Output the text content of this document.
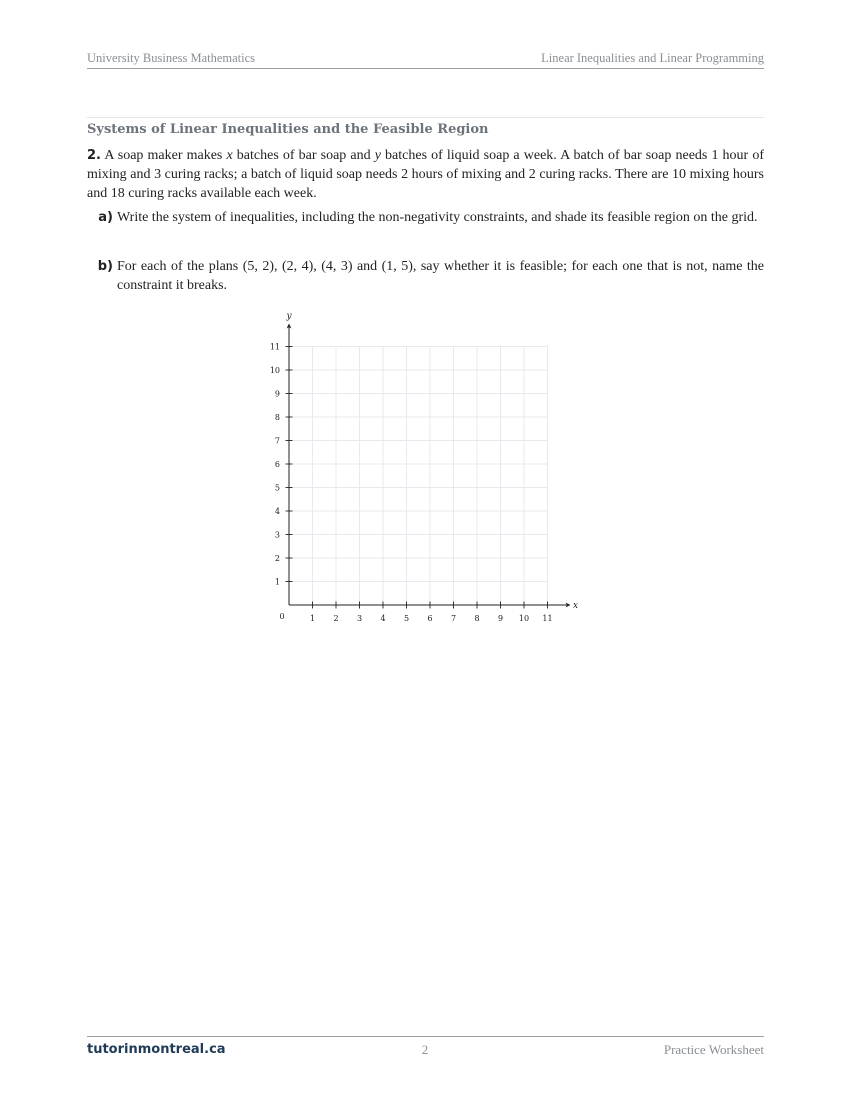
University Business Mathematics	Linear Inequalities and Linear Programming
Systems of Linear Inequalities and the Feasible Region
2. A soap maker makes x batches of bar soap and y batches of liquid soap a week. A batch of bar soap needs 1 hour of mixing and 3 curing racks; a batch of liquid soap needs 2 hours of mixing and 2 curing racks. There are 10 mixing hours and 18 curing racks available each week.
a) Write the system of inequalities, including the non-negativity constraints, and shade its feasible region on the grid.
b) For each of the plans (5, 2), (2, 4), (4, 3) and (1, 5), say whether it is feasible; for each one that is not, name the constraint it breaks.
1 2 3 4 5 6 7 8 9 10 11
1
2
3
4
5
6
7
8
9
10
11
0
x
y
tutorinmontreal.ca	2	Practice Worksheet
